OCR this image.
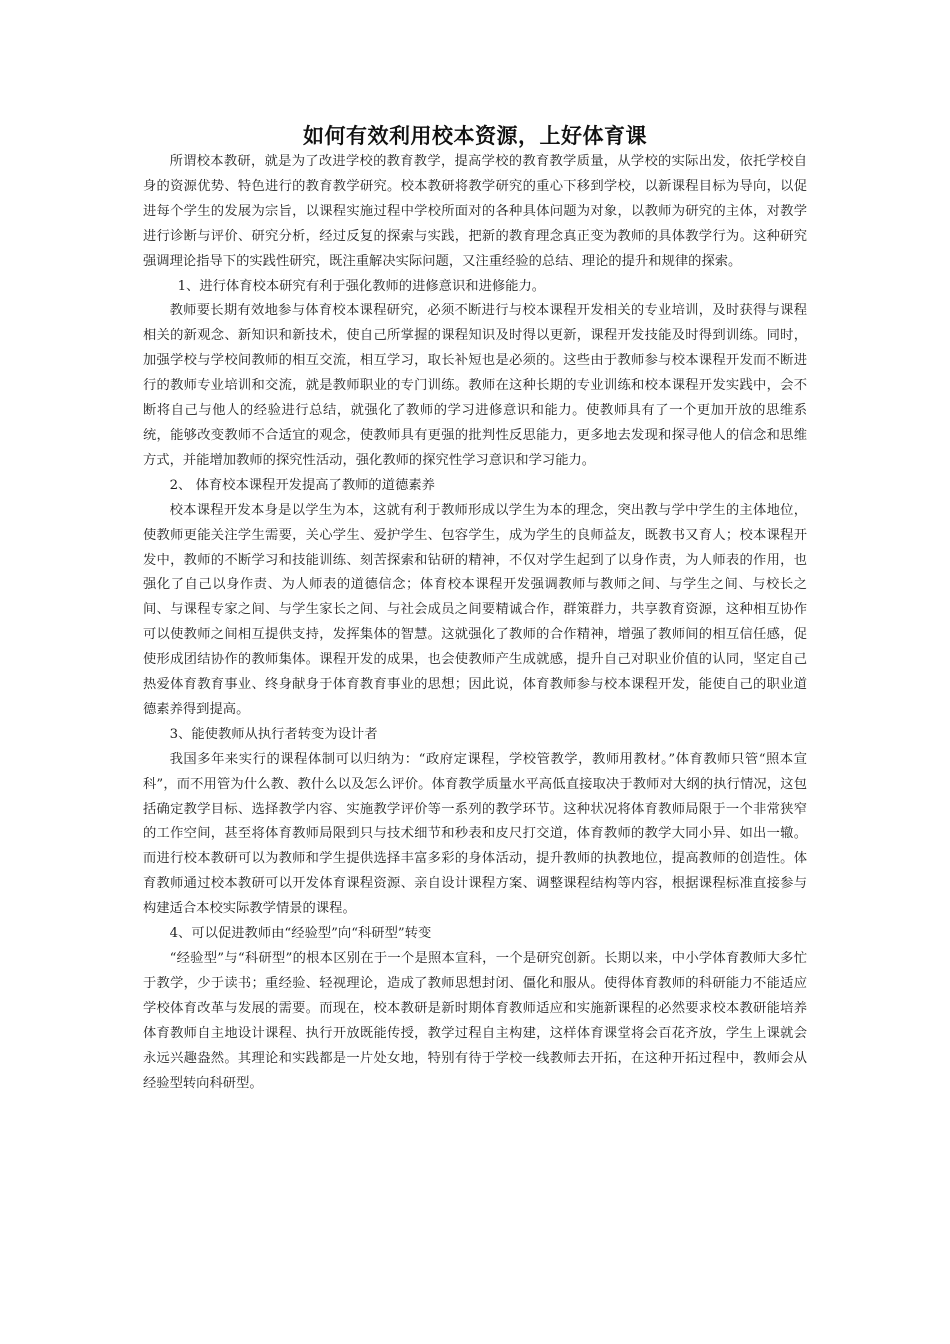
如何有效利用校本资源，上好体育课

所谓校本教研，就是为了改进学校的教育教学，提高学校的教育教学质量，从学校的实际出发，依托学校自身的资源优势、特色进行的教育教学研究。校本教研将教学研究的重心下移到学校，以新课程目标为导向，以促进每个学生的发展为宗旨，以课程实施过程中学校所面对的各种具体问题为对象，以教师为研究的主体，对教学进行诊断与评价、研究分析，经过反复的探索与实践，把新的教育理念真正变为教师的具体教学行为。这种研究强调理论指导下的实践性研究，既注重解决实际问题，又注重经验的总结、理论的提升和规律的探索。

1、进行体育校本研究有利于强化教师的进修意识和进修能力。

教师要长期有效地参与体育校本课程研究，必须不断进行与校本课程开发相关的专业培训，及时获得与课程相关的新观念、新知识和新技术，使自己所掌握的课程知识及时得以更新，课程开发技能及时得到训练。同时，加强学校与学校间教师的相互交流，相互学习，取长补短也是必须的。这些由于教师参与校本课程开发而不断进行的教师专业培训和交流，就是教师职业的专门训练。教师在这种长期的专业训练和校本课程开发实践中，会不断将自己与他人的经验进行总结，就强化了教师的学习进修意识和能力。使教师具有了一个更加开放的思维系统，能够改变教师不合适宜的观念，使教师具有更强的批判性反思能力，更多地去发现和探寻他人的信念和思维方式，并能增加教师的探究性活动，强化教师的探究性学习意识和学习能力。

2、 体育校本课程开发提高了教师的道德素养

校本课程开发本身是以学生为本，这就有利于教师形成以学生为本的理念，突出教与学中学生的主体地位，使教师更能关注学生需要，关心学生、爱护学生、包容学生，成为学生的良师益友，既教书又育人；校本课程开发中，教师的不断学习和技能训练、刻苦探索和钻研的精神，不仅对学生起到了以身作责，为人师表的作用，也强化了自己以身作责、为人师表的道德信念；体育校本课程开发强调教师与教师之间、与学生之间、与校长之间、与课程专家之间、与学生家长之间、与社会成员之间要精诚合作，群策群力，共享教育资源，这种相互协作可以使教师之间相互提供支持，发挥集体的智慧。这就强化了教师的合作精神，增强了教师间的相互信任感，促使形成团结协作的教师集体。课程开发的成果，也会使教师产生成就感，提升自己对职业价值的认同，坚定自己热爱体育教育事业、终身献身于体育教育事业的思想；因此说，体育教师参与校本课程开发，能使自己的职业道德素养得到提高。

3、能使教师从执行者转变为设计者

我国多年来实行的课程体制可以归纳为：“政府定课程，学校管教学，教师用教材。”体育教师只管“照本宣科”，而不用管为什么教、教什么以及怎么评价。体育教学质量水平高低直接取决于教师对大纲的执行情况，这包括确定教学目标、选择教学内容、实施教学评价等一系列的教学环节。这种状况将体育教师局限于一个非常狭窄的工作空间，甚至将体育教师局限到只与技术细节和秒表和皮尺打交道，体育教师的教学大同小异、如出一辙。而进行校本教研可以为教师和学生提供选择丰富多彩的身体活动，提升教师的执教地位，提高教师的创造性。体育教师通过校本教研可以开发体育课程资源、亲自设计课程方案、调整课程结构等内容，根据课程标准直接参与构建适合本校实际教学情景的课程。

4、可以促进教师由“经验型”向“科研型”转变

“经验型”与“科研型”的根本区别在于一个是照本宣科，一个是研究创新。长期以来，中小学体育教师大多忙于教学，少于读书；重经验、轻视理论，造成了教师思想封闭、僵化和服从。使得体育教师的科研能力不能适应学校体育改革与发展的需要。而现在，校本教研是新时期体育教师适应和实施新课程的必然要求校本教研能培养体育教师自主地设计课程、执行开放既能传授，教学过程自主构建，这样体育课堂将会百花齐放，学生上课就会永远兴趣盎然。其理论和实践都是一片处女地，特别有待于学校一线教师去开拓，在这种开拓过程中，教师会从经验型转向科研型。
